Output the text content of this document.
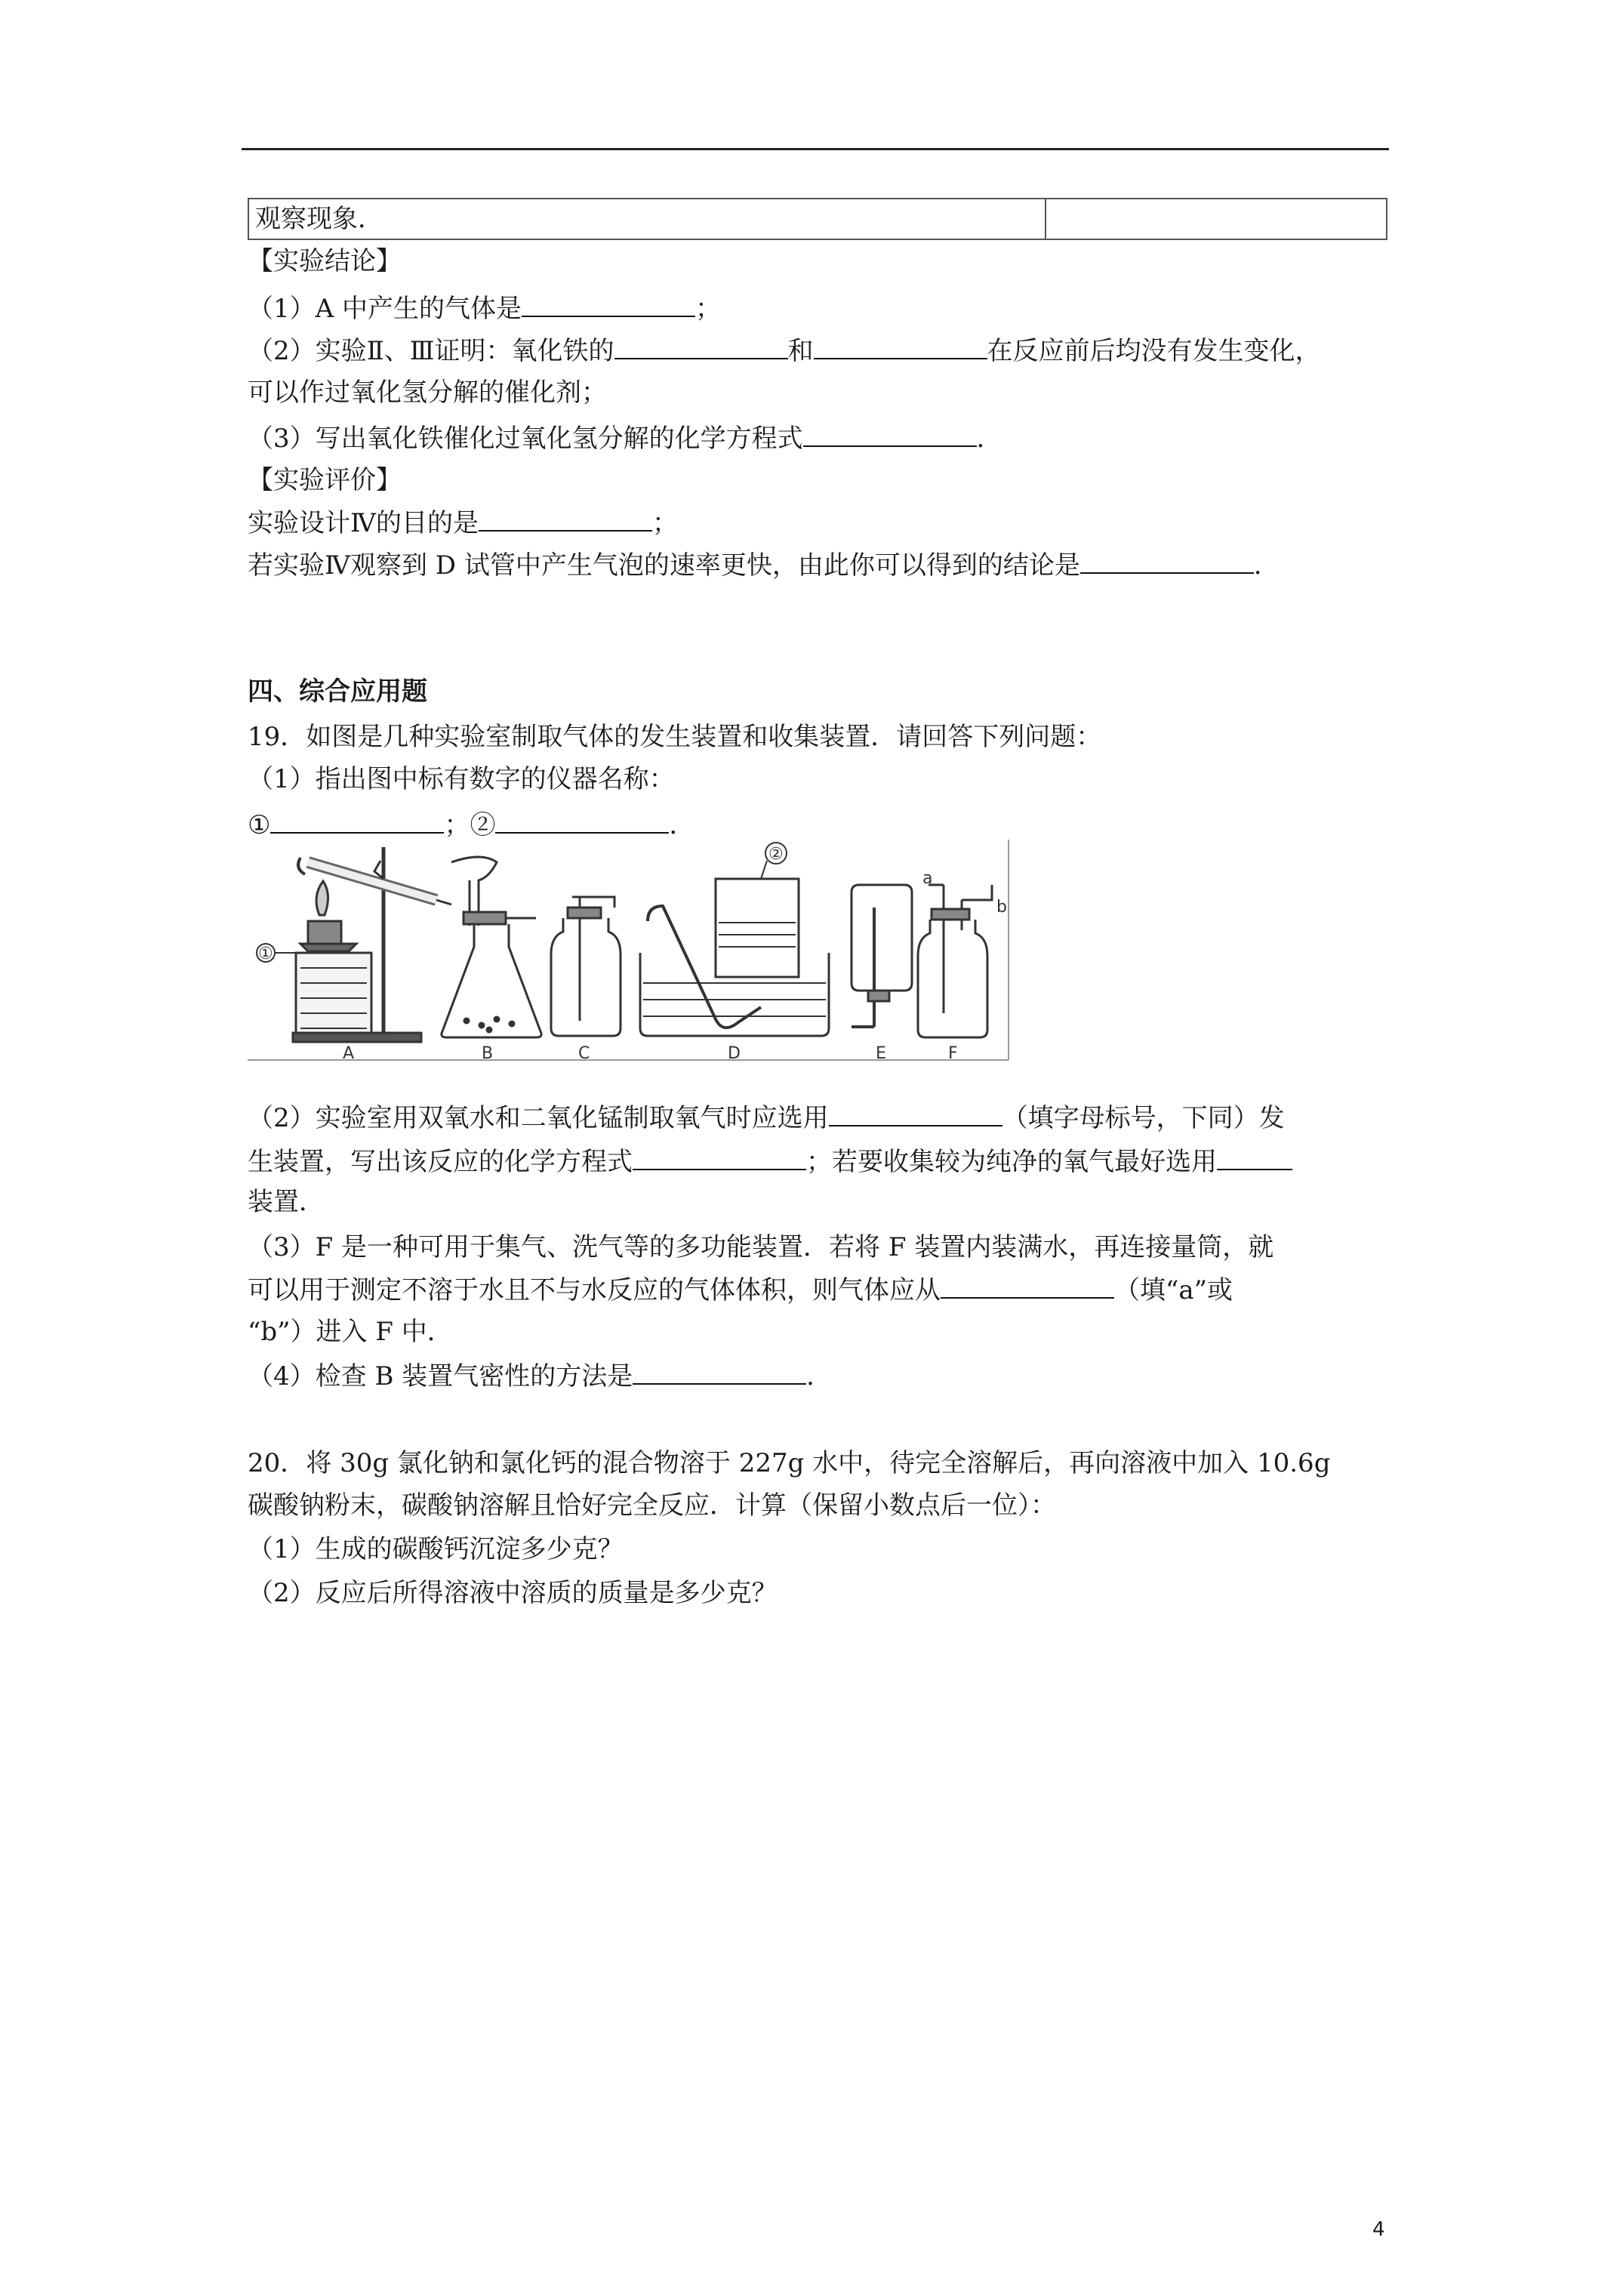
观察现象．
【实验结论】
（1）A 中产生的气体是	；
（2）实验Ⅱ、Ⅲ证明：氧化铁的	和	在反应前后均没有发生变化，
可以作过氧化氢分解的催化剂；
（3）写出氧化铁催化过氧化氢分解的化学方程式	．
【实验评价】
实验设计Ⅳ的目的是	；
若实验Ⅳ观察到 D 试管中产生气泡的速率更快，由此你可以得到的结论是	．
四、综合应用题
19．如图是几种实验室制取气体的发生装置和收集装置．请回答下列问题：
（1）指出图中标有数字的仪器名称：
①	；②	．
A	B	C	D	E	F
①
②
a
b
（2）实验室用双氧水和二氧化锰制取氧气时应选用	（填字母标号，下同）发
生装置，写出该反应的化学方程式	；若要收集较为纯净的氧气最好选用
装置．
（3）F 是一种可用于集气、洗气等的多功能装置．若将 F 装置内装满水，再连接量筒，就
可以用于测定不溶于水且不与水反应的气体体积，则气体应从	（填“a”或
“b”）进入 F 中．
（4）检查 B 装置气密性的方法是	．
20．将 30g 氯化钠和氯化钙的混合物溶于 227g 水中，待完全溶解后，再向溶液中加入 10.6g
碳酸钠粉末，碳酸钠溶解且恰好完全反应．计算（保留小数点后一位）：
（1）生成的碳酸钙沉淀多少克？
（2）反应后所得溶液中溶质的质量是多少克？
4
